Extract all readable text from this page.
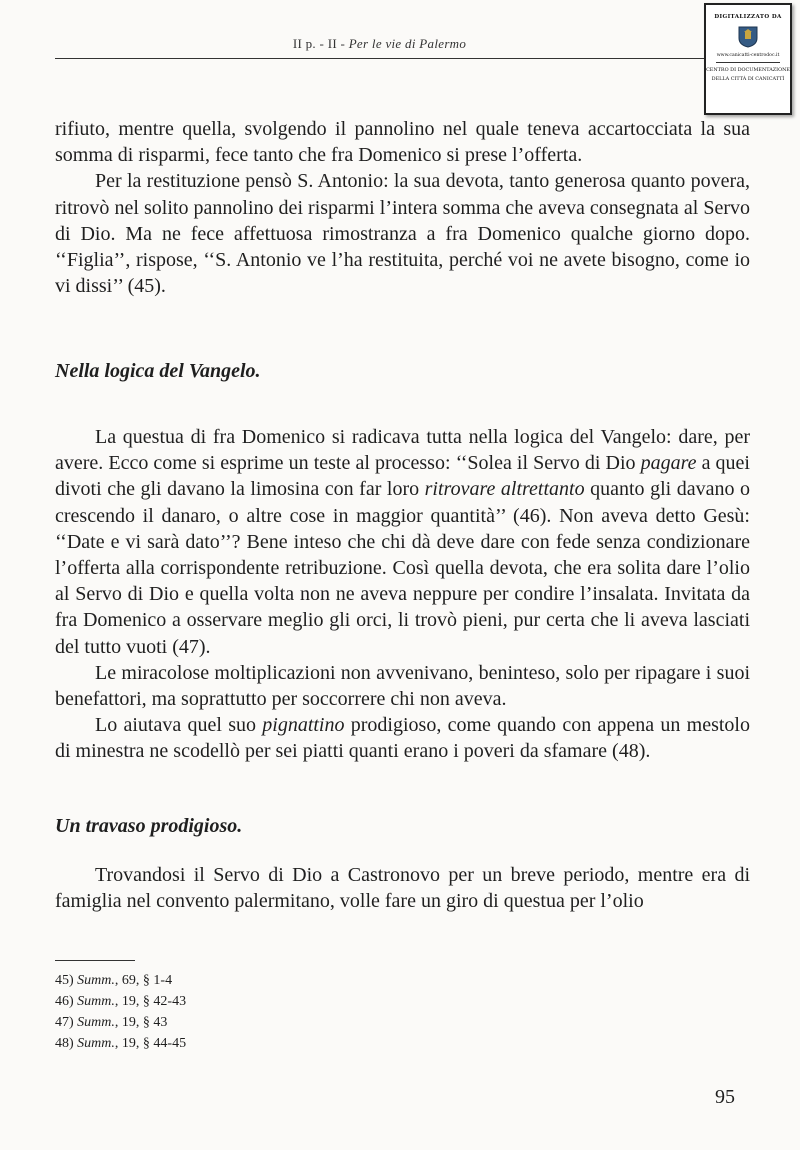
II p. - II - Per le vie di Palermo
DIGITALIZZATO DA
www.canicatti-centrodoc.it
CENTRO DI DOCUMENTAZIONE
DELLA CITTÀ DI CANICATTÌ

rifiuto, mentre quella, svolgendo il pannolino nel quale teneva accartocciata la sua somma di risparmi, fece tanto che fra Domenico si prese l’offerta.

Per la restituzione pensò S. Antonio: la sua devota, tanto generosa quanto povera, ritrovò nel solito pannolino dei risparmi l’intera somma che aveva consegnata al Servo di Dio. Ma ne fece affettuosa rimostranza a fra Domenico qualche giorno dopo. ‘‘Figlia’’, rispose, ‘‘S. Antonio ve l’ha restituita, perché voi ne avete bisogno, come io vi dissi’’ (45).

Nella logica del Vangelo.

La questua di fra Domenico si radicava tutta nella logica del Vangelo: dare, per avere. Ecco come si esprime un teste al processo: ‘‘Solea il Servo di Dio pagare a quei divoti che gli davano la limosina con far loro ritrovare altrettanto quanto gli davano o crescendo il danaro, o altre cose in maggior quantità’’ (46). Non aveva detto Gesù: ‘‘Date e vi sarà dato’’? Bene inteso che chi dà deve dare con fede senza condizionare l’offerta alla corrispondente retribuzione. Così quella devota, che era solita dare l’olio al Servo di Dio e quella volta non ne aveva neppure per condire l’insalata. Invitata da fra Domenico a osservare meglio gli orci, li trovò pieni, pur certa che li aveva lasciati del tutto vuoti (47).

Le miracolose moltiplicazioni non avvenivano, beninteso, solo per ripagare i suoi benefattori, ma soprattutto per soccorrere chi non aveva.

Lo aiutava quel suo pignattino prodigioso, come quando con appena un mestolo di minestra ne scodellò per sei piatti quanti erano i poveri da sfamare (48).

Un travaso prodigioso.

Trovandosi il Servo di Dio a Castronovo per un breve periodo, mentre era di famiglia nel convento palermitano, volle fare un giro di questua per l’olio

45) Summ., 69, § 1-4
46) Summ., 19, § 42-43
47) Summ., 19, § 43
48) Summ., 19, § 44-45
95
